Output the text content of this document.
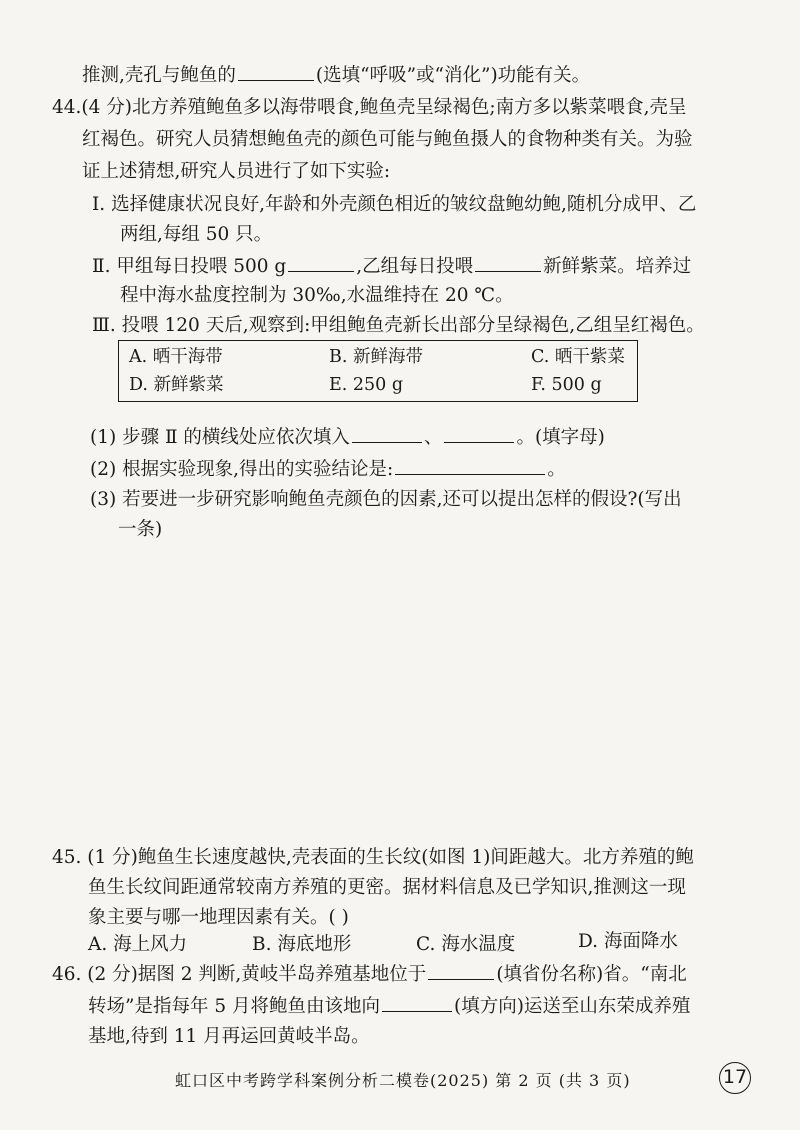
推测,壳孔与鲍鱼的	(选填“呼吸”或“消化”)功能有关。
44.(4 分)北方养殖鲍鱼多以海带喂食,鲍鱼壳呈绿褐色;南方多以紫菜喂食,壳呈
红褐色。研究人员猜想鲍鱼壳的颜色可能与鲍鱼摄人的食物种类有关。为验
证上述猜想,研究人员进行了如下实验:
Ⅰ. 选择健康状况良好,年龄和外壳颜色相近的皱纹盘鲍幼鲍,随机分成甲、乙
两组,每组 50 只。
Ⅱ. 甲组每日投喂 500 g	,乙组每日投喂	新鲜紫菜。培养过
程中海水盐度控制为 30‰,水温维持在 20 ℃。
Ⅲ. 投喂 120 天后,观察到:甲组鲍鱼壳新长出部分呈绿褐色,乙组呈红褐色。
A. 晒干海带	B. 新鲜海带	C. 晒干紫菜
D. 新鲜紫菜	E. 250 g	F. 500 g
(1) 步骤 Ⅱ 的横线处应依次填入	、	。(填字母)
(2) 根据实验现象,得出的实验结论是:	。
(3) 若要进一步研究影响鲍鱼壳颜色的因素,还可以提出怎样的假设?(写出
一条)
45. (1 分)鲍鱼生长速度越快,壳表面的生长纹(如图 1)间距越大。北方养殖的鲍
鱼生长纹间距通常较南方养殖的更密。据材料信息及已学知识,推测这一现
象主要与哪一地理因素有关。( )
A. 海上风力	B. 海底地形	C. 海水温度	D. 海面降水
46. (2 分)据图 2 判断,黄岐半岛养殖基地位于	(填省份名称)省。“南北
转场”是指每年 5 月将鲍鱼由该地向	(填方向)运送至山东荣成养殖
基地,待到 11 月再运回黄岐半岛。
虹口区中考跨学科案例分析二模卷(2025) 第 2 页 (共 3 页)	17
